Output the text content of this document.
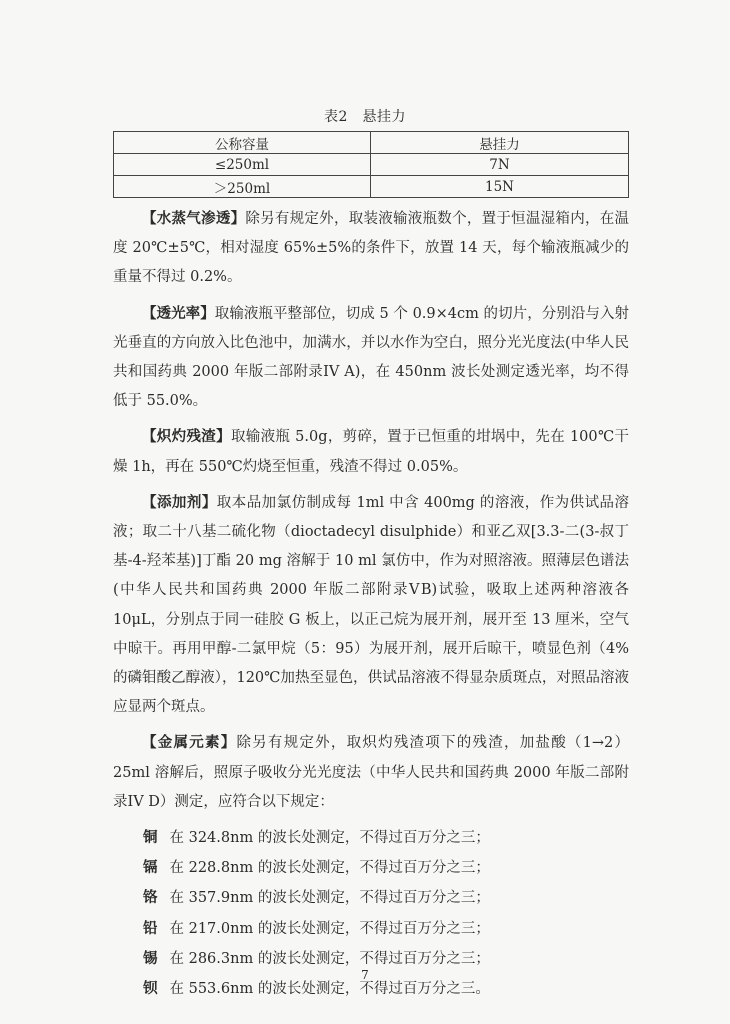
表2　悬挂力
公称容量	悬挂力
≤250ml	7N
＞250ml	15N

【水蒸气渗透】除另有规定外，取装液输液瓶数个，置于恒温湿箱内，在温度 20℃±5℃，相对湿度 65%±5%的条件下，放置 14 天，每个输液瓶减少的重量不得过 0.2%。

【透光率】取输液瓶平整部位，切成 5 个 0.9×4cm 的切片，分别沿与入射光垂直的方向放入比色池中，加满水，并以水作为空白，照分光光度法(中华人民共和国药典 2000 年版二部附录IV A)，在 450nm 波长处测定透光率，均不得低于 55.0%。

【炽灼残渣】取输液瓶 5.0g，剪碎，置于已恒重的坩埚中，先在 100℃干燥 1h，再在 550℃灼烧至恒重，残渣不得过 0.05%。

【添加剂】取本品加氯仿制成每 1ml 中含 400mg 的溶液，作为供试品溶液；取二十八基二硫化物（dioctadecyl disulphide）和亚乙双[3.3-二(3-叔丁基-4-羟苯基)]丁酯 20 mg 溶解于 10 ml 氯仿中，作为对照溶液。照薄层色谱法(中华人民共和国药典 2000 年版二部附录ⅤB)试验，吸取上述两种溶液各 10μL，分别点于同一硅胶 G 板上，以正己烷为展开剂，展开至 13 厘米，空气中晾干。再用甲醇-二氯甲烷（5：95）为展开剂，展开后晾干，喷显色剂（4%的磷钼酸乙醇液），120℃加热至显色，供试品溶液不得显杂质斑点，对照品溶液应显两个斑点。

【金属元素】除另有规定外，取炽灼残渣项下的残渣，加盐酸（1→2）25ml 溶解后，照原子吸收分光光度法（中华人民共和国药典 2000 年版二部附录IV D）测定，应符合以下规定：

铜 在 324.8nm 的波长处测定，不得过百万分之三；

镉 在 228.8nm 的波长处测定，不得过百万分之三；

铬 在 357.9nm 的波长处测定，不得过百万分之三；

铅 在 217.0nm 的波长处测定，不得过百万分之三；

锡 在 286.3nm 的波长处测定，不得过百万分之三；

钡 在 553.6nm 的波长处测定，不得过百万分之三。

7
